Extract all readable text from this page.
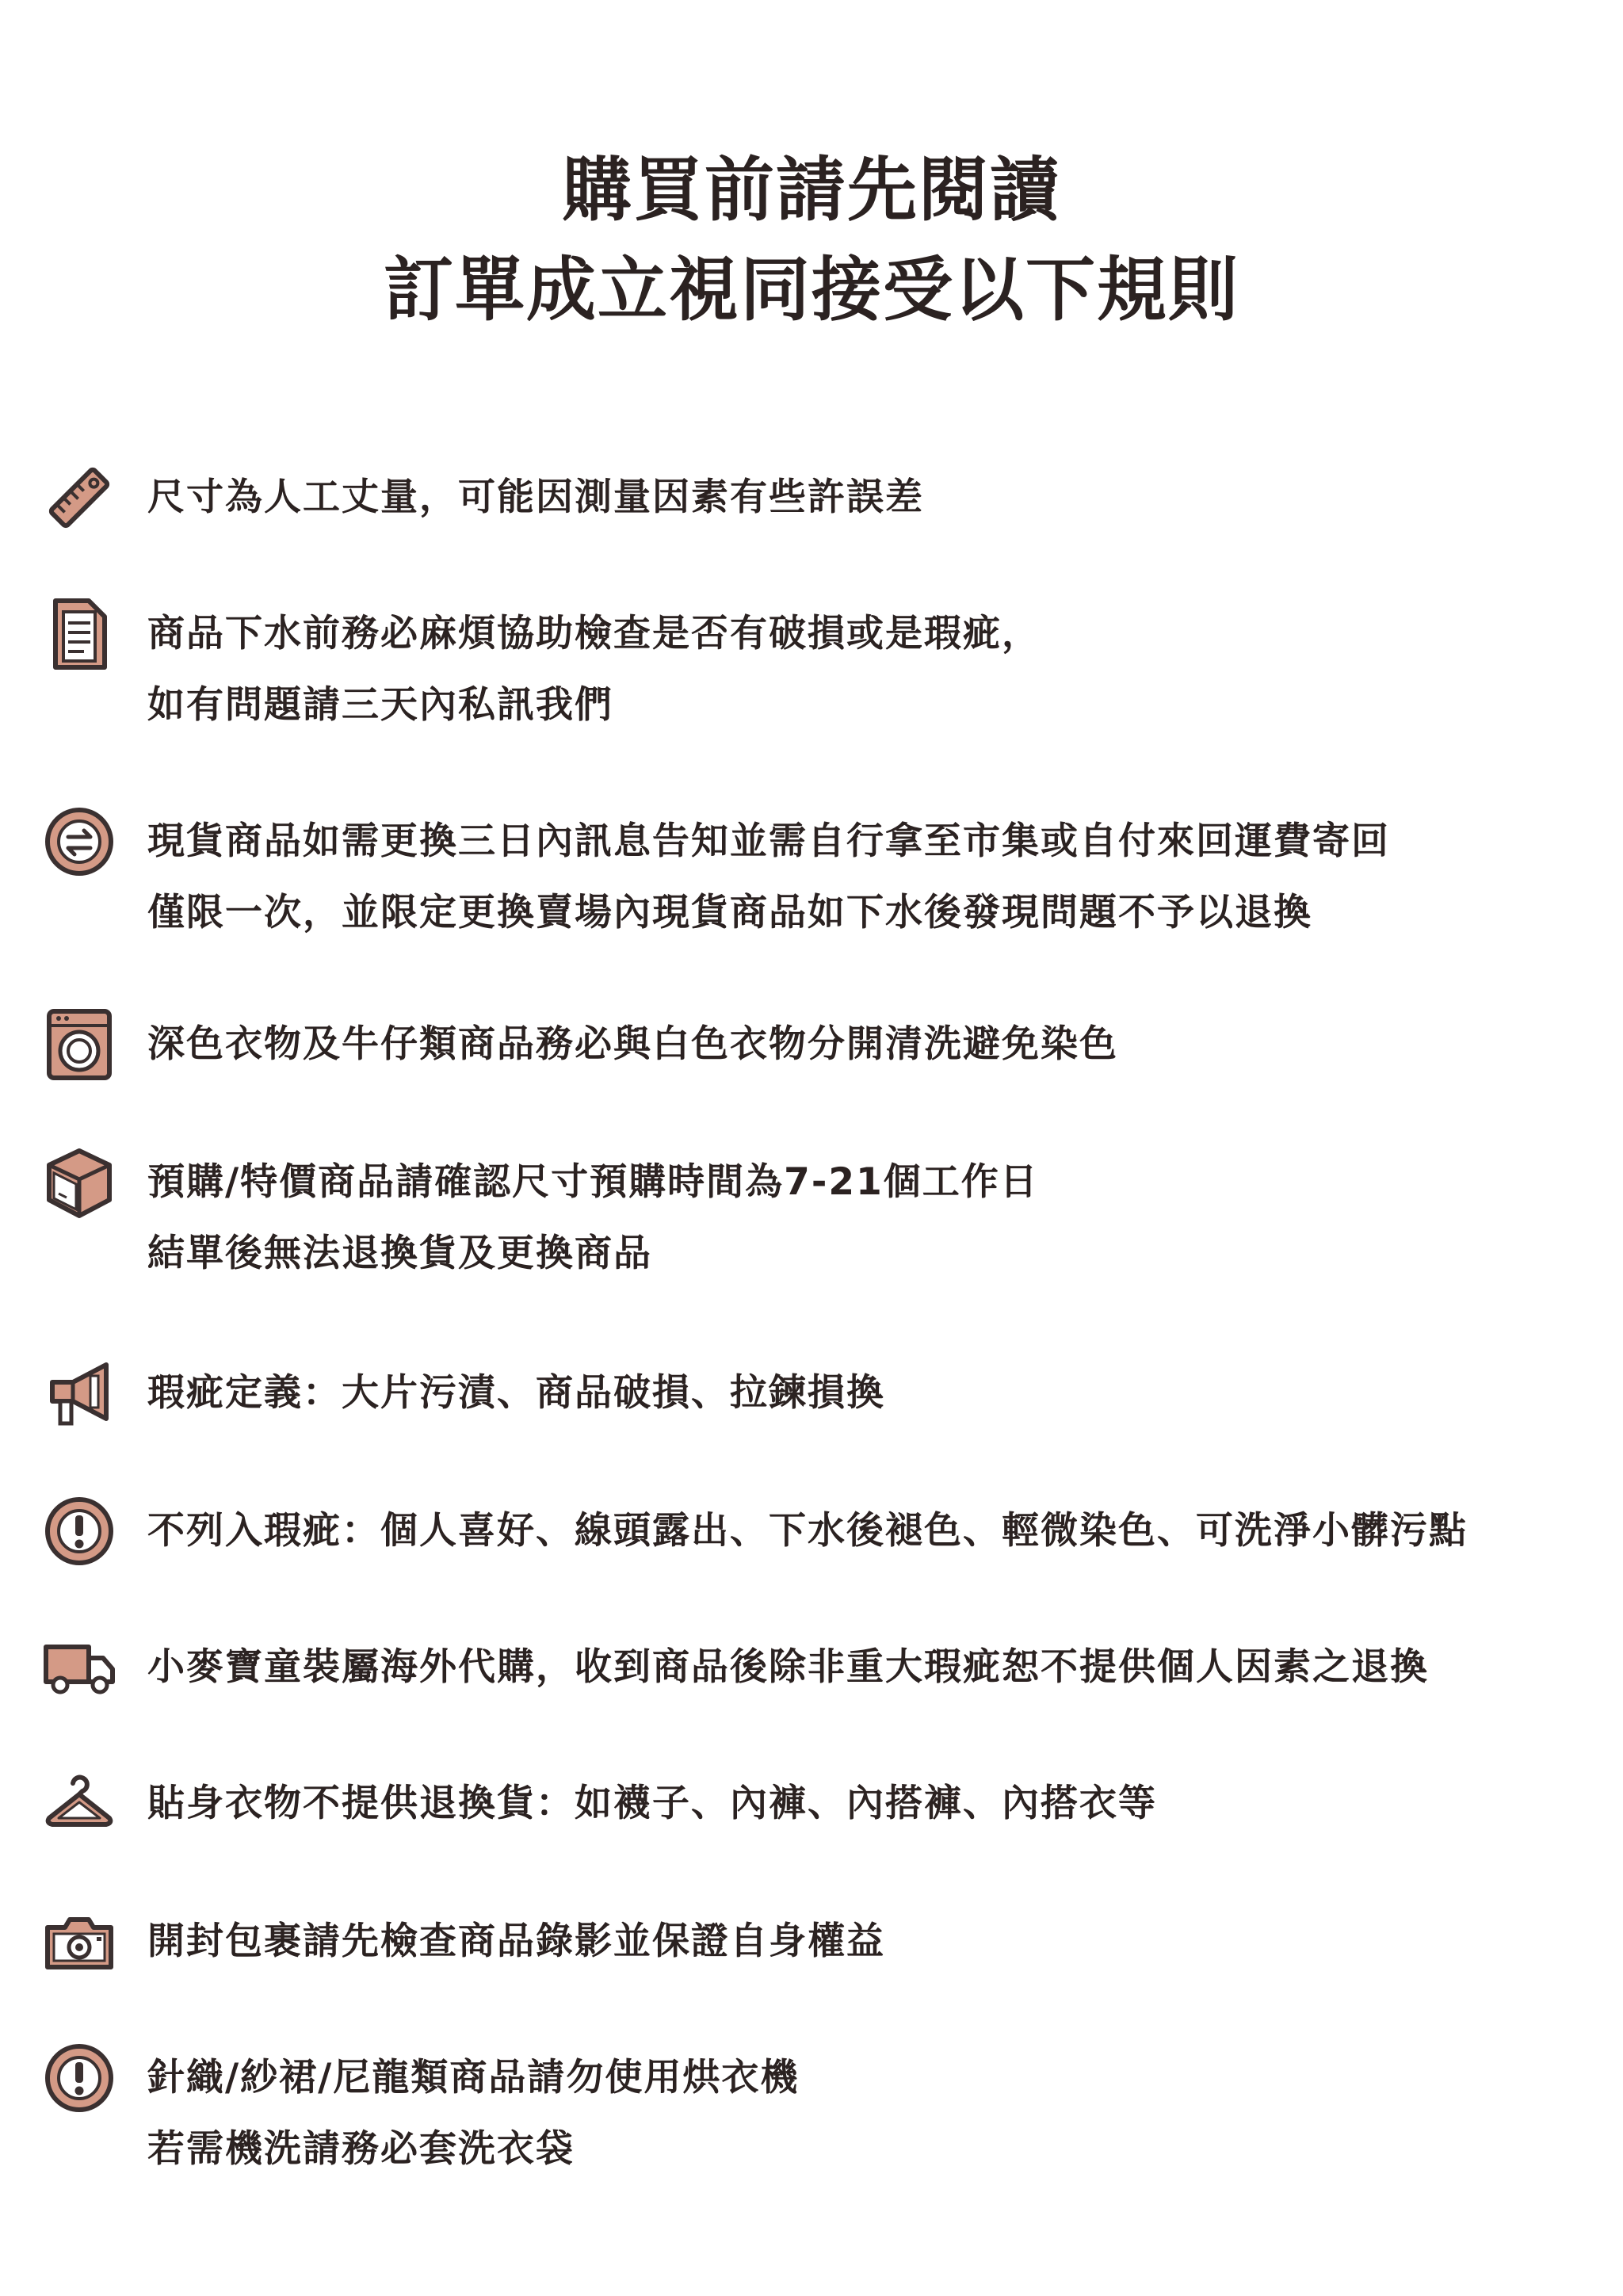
購買前請先閱讀
訂單成立視同接受以下規則
尺寸為人工丈量，可能因測量因素有些許誤差
商品下水前務必麻煩協助檢查是否有破損或是瑕疵，
如有問題請三天內私訊我們
現貨商品如需更換三日內訊息告知並需自行拿至市集或自付來回運費寄回
僅限一次，並限定更換賣場內現貨商品如下水後發現問題不予以退換
深色衣物及牛仔類商品務必與白色衣物分開清洗避免染色
預購/特價商品請確認尺寸預購時間為7-21個工作日
結單後無法退換貨及更換商品
瑕疵定義：大片污漬、商品破損、拉鍊損換
不列入瑕疵：個人喜好、線頭露出、下水後褪色、輕微染色、可洗淨小髒污點
小麥寶童裝屬海外代購，收到商品後除非重大瑕疵恕不提供個人因素之退換
貼身衣物不提供退換貨：如襪子、內褲、內搭褲、內搭衣等
開封包裹請先檢查商品錄影並保證自身權益
針織/紗裙/尼龍類商品請勿使用烘衣機
若需機洗請務必套洗衣袋
